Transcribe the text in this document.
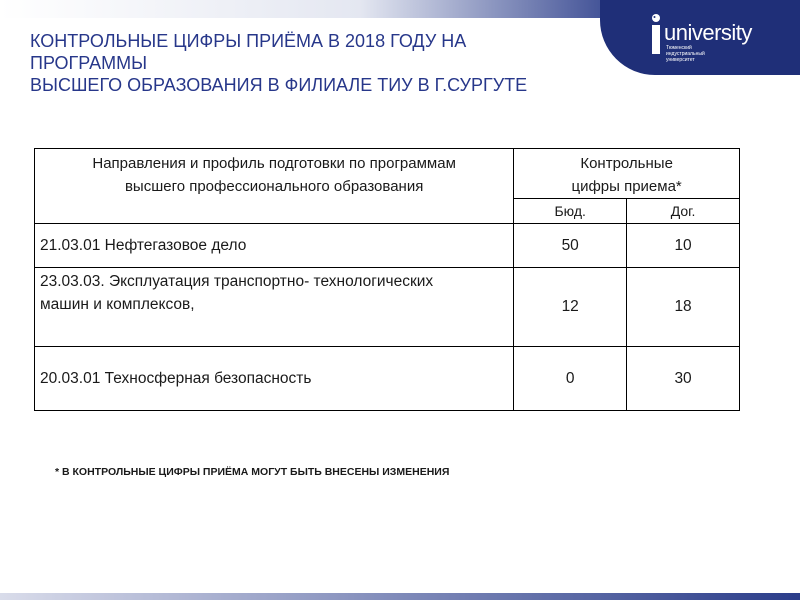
university
Тюменский
индустриальный
университет
КОНТРОЛЬНЫЕ ЦИФРЫ ПРИЁМА В 2018 ГОДУ НА ПРОГРАММЫ
ВЫСШЕГО ОБРАЗОВАНИЯ В ФИЛИАЛЕ ТИУ В Г.СУРГУТЕ
Направления и профиль подготовки по программам
высшего профессионального образования	Контрольные
цифры приема*	

	Бюд.	Дог.
21.03.01 Нефтегазовое дело	50	10

23.03.03. Эксплуатация транспортно- технологических
машин и комплексов,	12	18
20.03.01 Техносферная безопасность	0	30

* В КОНТРОЛЬНЫЕ ЦИФРЫ ПРИЁМА МОГУТ БЫТЬ ВНЕСЕНЫ ИЗМЕНЕНИЯ
